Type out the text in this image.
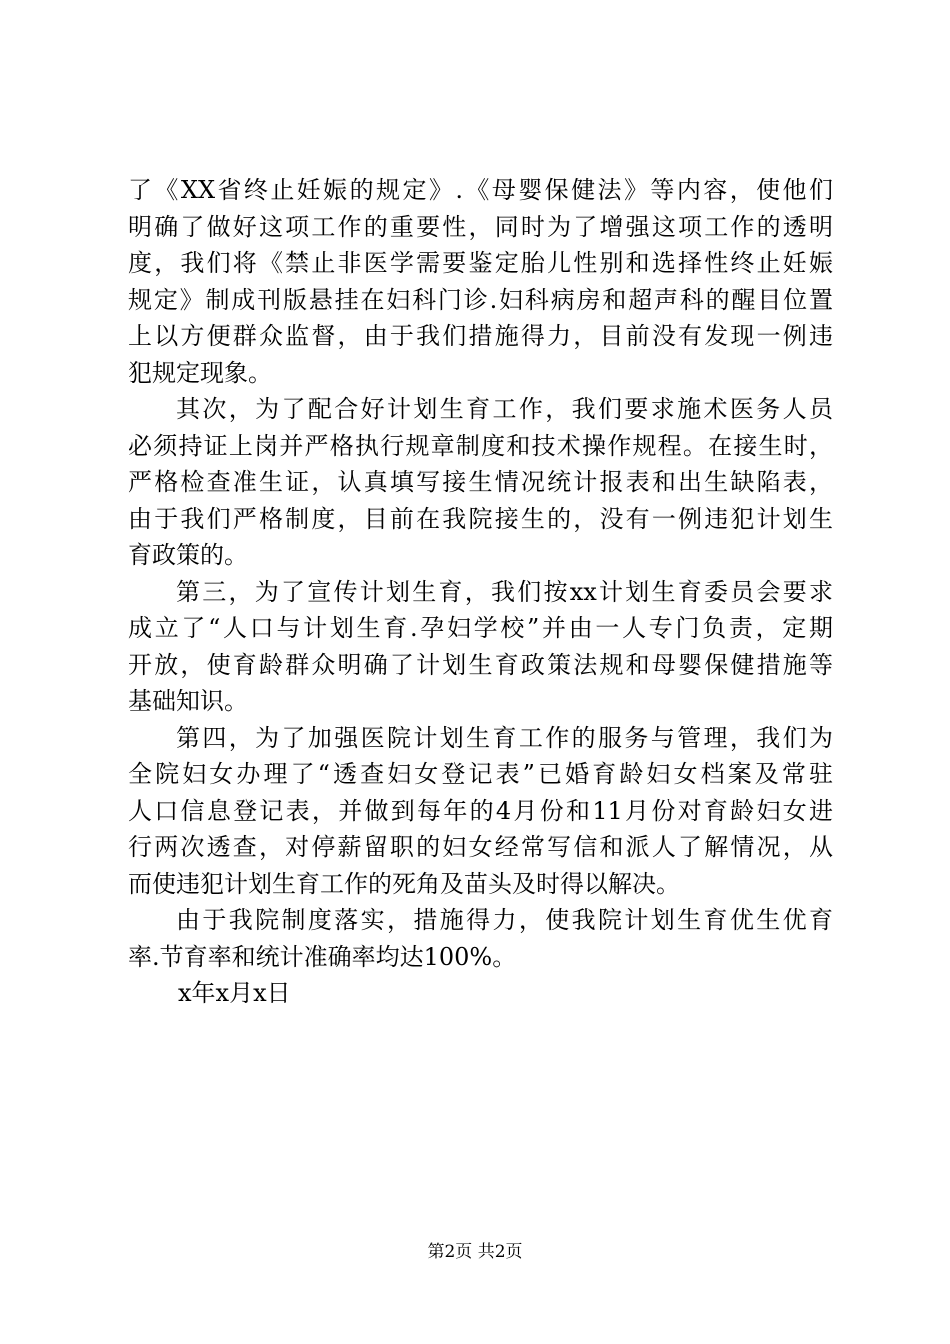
了《XX省终止妊娠的规定》.《母婴保健法》等内容，使他们
明确了做好这项工作的重要性，同时为了增强这项工作的透明
度，我们将《禁止非医学需要鉴定胎儿性别和选择性终止妊娠
规定》制成刊版悬挂在妇科门诊.妇科病房和超声科的醒目位置
上以方便群众监督，由于我们措施得力，目前没有发现一例违
犯规定现象。
其次，为了配合好计划生育工作，我们要求施术医务人员
必须持证上岗并严格执行规章制度和技术操作规程。在接生时，
严格检查准生证，认真填写接生情况统计报表和出生缺陷表，
由于我们严格制度，目前在我院接生的，没有一例违犯计划生
育政策的。
第三，为了宣传计划生育，我们按xx计划生育委员会要求
成立了“人口与计划生育.孕妇学校”并由一人专门负责，定期
开放，使育龄群众明确了计划生育政策法规和母婴保健措施等
基础知识。
第四，为了加强医院计划生育工作的服务与管理，我们为
全院妇女办理了“透查妇女登记表”已婚育龄妇女档案及常驻
人口信息登记表，并做到每年的4月份和11月份对育龄妇女进
行两次透查，对停薪留职的妇女经常写信和派人了解情况，从
而使违犯计划生育工作的死角及苗头及时得以解决。
由于我院制度落实，措施得力，使我院计划生育优生优育
率.节育率和统计准确率均达100%。
x年x月x日
第2页 共2页
